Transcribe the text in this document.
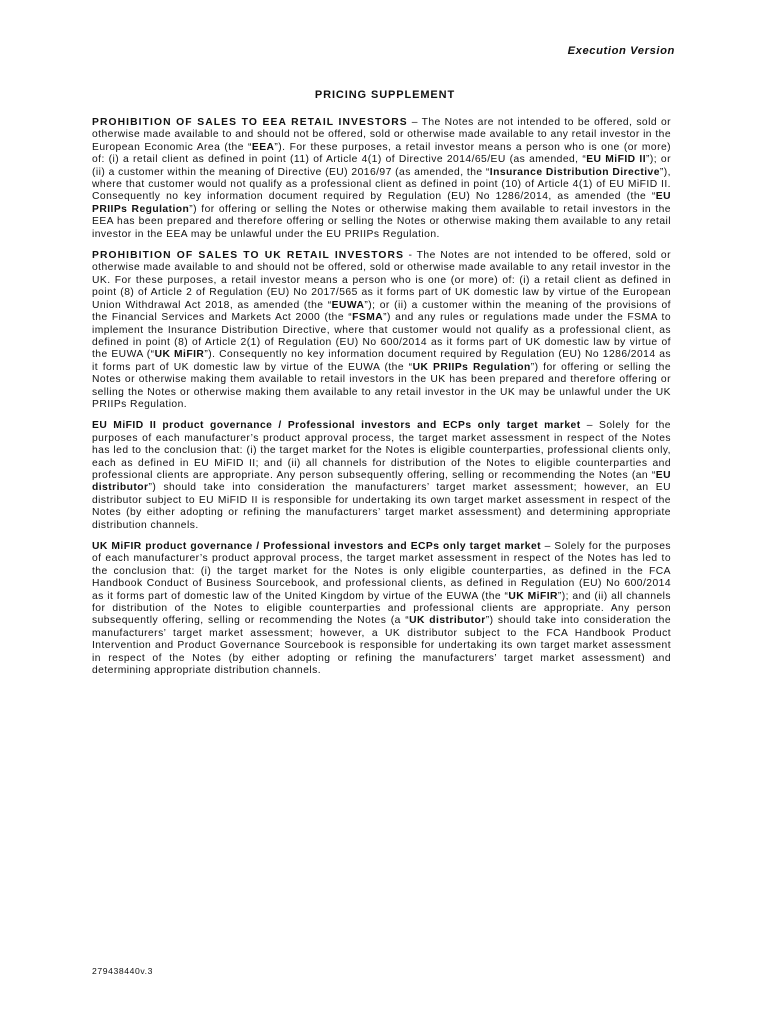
Execution Version
PRICING SUPPLEMENT

PROHIBITION OF SALES TO EEA RETAIL INVESTORS – The Notes are not intended to be offered, sold or otherwise made available to and should not be offered, sold or otherwise made available to any retail investor in the European Economic Area (the “EEA”). For these purposes, a retail investor means a person who is one (or more) of: (i) a retail client as defined in point (11) of Article 4(1) of Directive 2014/65/EU (as amended, “EU MiFID II”); or (ii) a customer within the meaning of Directive (EU) 2016/97 (as amended, the “Insurance Distribution Directive”), where that customer would not qualify as a professional client as defined in point (10) of Article 4(1) of EU MiFID II. Consequently no key information document required by Regulation (EU) No 1286/2014, as amended (the “EU PRIIPs Regulation”) for offering or selling the Notes or otherwise making them available to retail investors in the EEA has been prepared and therefore offering or selling the Notes or otherwise making them available to any retail investor in the EEA may be unlawful under the EU PRIIPs Regulation.

PROHIBITION OF SALES TO UK RETAIL INVESTORS - The Notes are not intended to be offered, sold or otherwise made available to and should not be offered, sold or otherwise made available to any retail investor in the UK. For these purposes, a retail investor means a person who is one (or more) of: (i) a retail client as defined in point (8) of Article 2 of Regulation (EU) No 2017/565 as it forms part of UK domestic law by virtue of the European Union Withdrawal Act 2018, as amended (the “EUWA”); or (ii) a customer within the meaning of the provisions of the Financial Services and Markets Act 2000 (the “FSMA”) and any rules or regulations made under the FSMA to implement the Insurance Distribution Directive, where that customer would not qualify as a professional client, as defined in point (8) of Article 2(1) of Regulation (EU) No 600/2014 as it forms part of UK domestic law by virtue of the EUWA (“UK MiFIR”). Consequently no key information document required by Regulation (EU) No 1286/2014 as it forms part of UK domestic law by virtue of the EUWA (the “UK PRIIPs Regulation”) for offering or selling the Notes or otherwise making them available to retail investors in the UK has been prepared and therefore offering or selling the Notes or otherwise making them available to any retail investor in the UK may be unlawful under the UK PRIIPs Regulation.

EU MiFID II product governance / Professional investors and ECPs only target market – Solely for the purposes of each manufacturer’s product approval process, the target market assessment in respect of the Notes has led to the conclusion that: (i) the target market for the Notes is eligible counterparties, professional clients only, each as defined in EU MiFID II; and (ii) all channels for distribution of the Notes to eligible counterparties and professional clients are appropriate. Any person subsequently offering, selling or recommending the Notes (an “EU distributor”) should take into consideration the manufacturers’ target market assessment; however, an EU distributor subject to EU MiFID II is responsible for undertaking its own target market assessment in respect of the Notes (by either adopting or refining the manufacturers’ target market assessment) and determining appropriate distribution channels.

UK MiFIR product governance / Professional investors and ECPs only target market – Solely for the purposes of each manufacturer’s product approval process, the target market assessment in respect of the Notes has led to the conclusion that: (i) the target market for the Notes is only eligible counterparties, as defined in the FCA Handbook Conduct of Business Sourcebook, and professional clients, as defined in Regulation (EU) No 600/2014 as it forms part of domestic law of the United Kingdom by virtue of the EUWA (the “UK MiFIR”); and (ii) all channels for distribution of the Notes to eligible counterparties and professional clients are appropriate. Any person subsequently offering, selling or recommending the Notes (a “UK distributor”) should take into consideration the manufacturers’ target market assessment; however, a UK distributor subject to the FCA Handbook Product Intervention and Product Governance Sourcebook is responsible for undertaking its own target market assessment in respect of the Notes (by either adopting or refining the manufacturers’ target market assessment) and determining appropriate distribution channels.

279438440v.3
